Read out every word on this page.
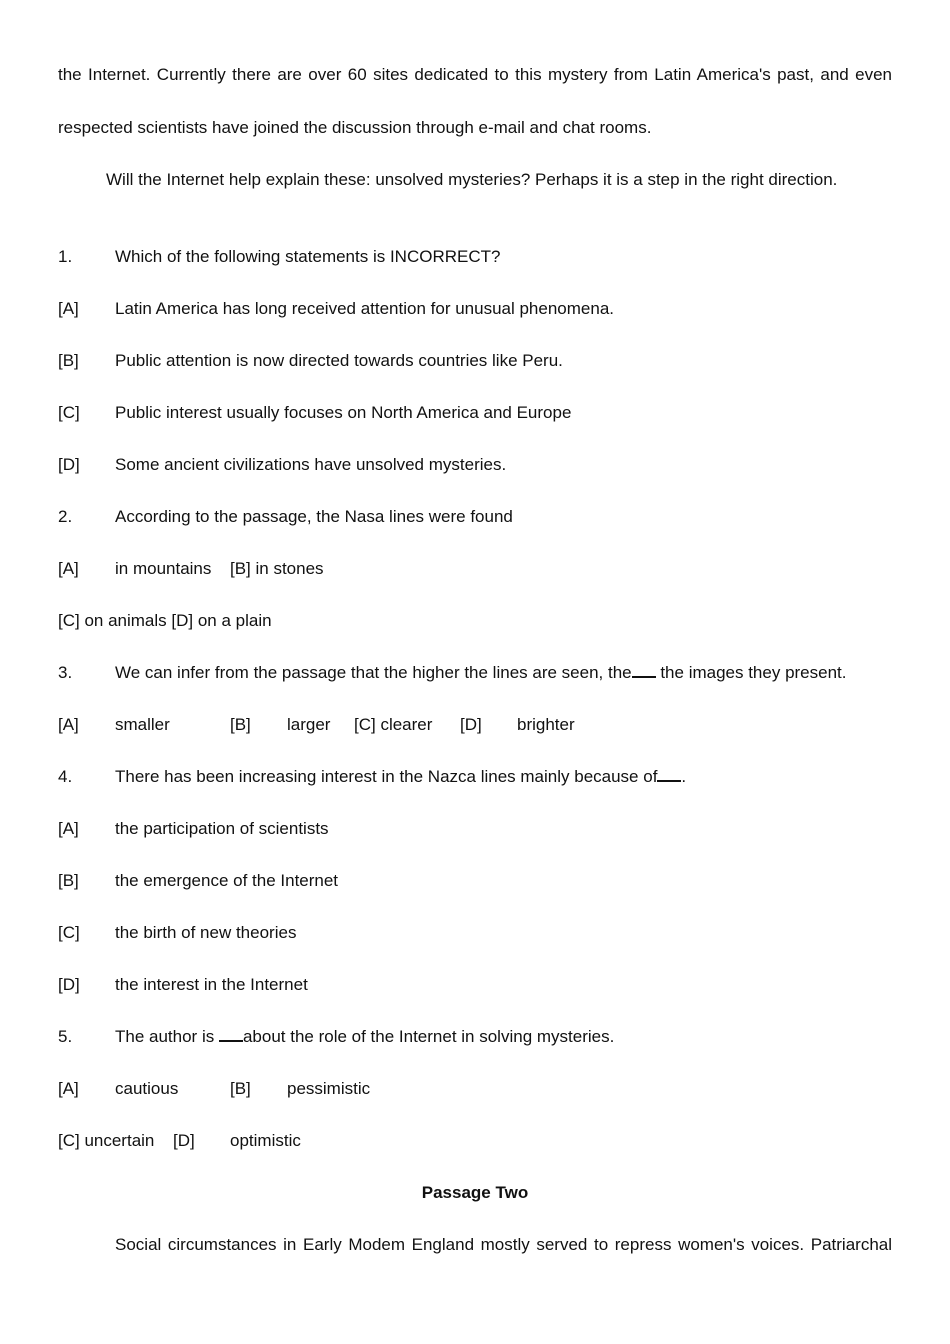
the Internet. Currently there are over 60 sites dedicated to this mystery from Latin America's past, and even
respected scientists have joined the discussion through e-mail and chat rooms.
Will the Internet help explain these: unsolved mysteries? Perhaps it is a step in the right direction.
1.	Which of the following statements is INCORRECT?
[A] Latin America has long received attention for unusual phenomena.
[B] Public attention is now directed towards countries like Peru.
[C] Public interest usually focuses on North America and Europe
[D] Some ancient civilizations have unsolved mysteries.
2.	According to the passage, the Nasa lines were found
[A] in mountains [B] in stones
[C] on animals [D] on a plain
3.	We can infer from the passage that the higher the lines are seen, the the images they present.
[A] smaller	[B] larger [C] clearer [D] brighter
4.	There has been increasing interest in the Nazca lines mainly because of .
[A] the participation of scientists
[B] the emergence of the Internet
[C] the birth of new theories
[D] the interest in the Internet
5.	The author is about the role of the Internet in solving mysteries.
[A] cautious	[B] pessimistic
[C] uncertain [D] optimistic
Passage Two
Social circumstances in Early Modem England mostly served to repress women's voices. Patriarchal
